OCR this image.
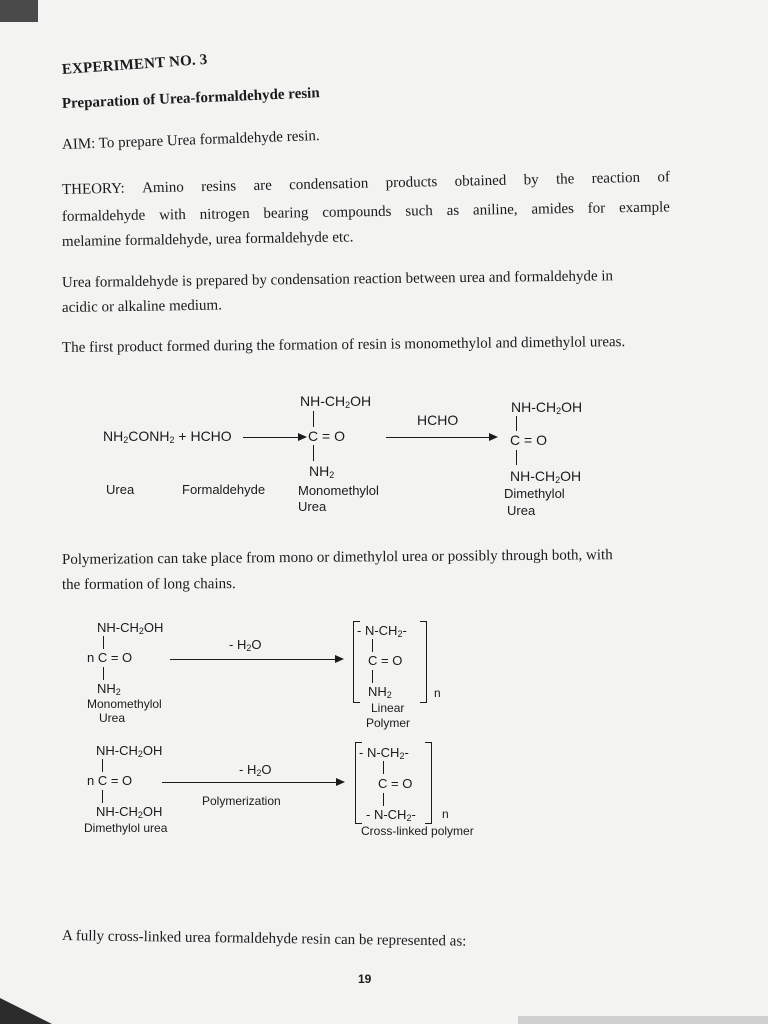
EXPERIMENT NO. 3
Preparation of Urea-formaldehyde resin
AIM: To prepare Urea formaldehyde resin.
THEORY: Amino resins are condensation products obtained by the reaction of
formaldehyde with nitrogen bearing compounds such as aniline, amides for example
melamine formaldehyde, urea formaldehyde etc.
Urea formaldehyde is prepared by condensation reaction between urea and formaldehyde in
acidic or alkaline medium.
The first product formed during the formation of resin is monomethylol and dimethylol ureas.
$NH_2CONH_2$ + HCHO
$NH-CH_2OH$
C = O
$NH_2$
HCHO
$NH-CH_2OH$
C = O
$NH-CH_2OH$
Urea	Formaldehyde	Monomethylol
Urea
Dimethylol
Urea
Polymerization can take place from mono or dimethylol urea or possibly through both, with
the formation of long chains.
$NH-CH_2OH$
n C = O
$NH_2$
Monomethylol
Urea
- $H_2O$
- $N-CH_2-$
C = O
$NH_2$	n
Linear
Polymer
$NH-CH_2OH$
n C = O
$NH-CH_2OH$
Dimethylol urea
- $H_2O$
Polymerization
- $N-CH_2-$
C = O
- $N-CH_2-$ n
Cross-linked polymer
A fully cross-linked urea formaldehyde resin can be represented as:
19
